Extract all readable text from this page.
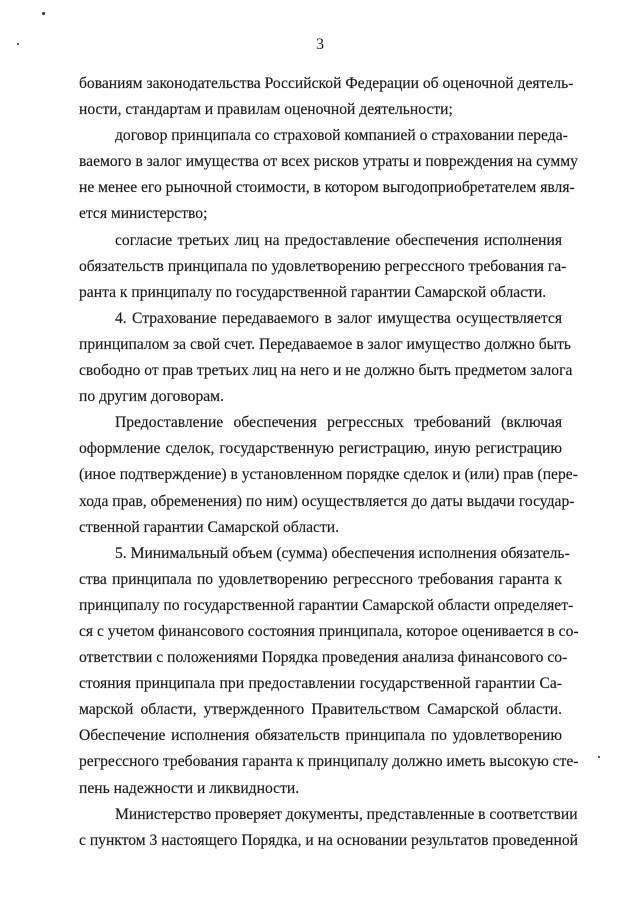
3
бованиям законодательства Российской Федерации об оценочной деятель-
ности, стандартам и правилам оценочной деятельности;
договор принципала со страховой компанией о страховании переда-
ваемого в залог имущества от всех рисков утраты и повреждения на сумму
не менее его рыночной стоимости, в котором выгодоприобретателем явля-
ется министерство;
согласие третьих лиц на предоставление обеспечения исполнения
обязательств принципала по удовлетворению регрессного требования га-
ранта к принципалу по государственной гарантии Самарской области.
4. Страхование передаваемого в залог имущества осуществляется
принципалом за свой счет. Передаваемое в залог имущество должно быть
свободно от прав третьих лиц на него и не должно быть предметом залога
по другим договорам.
Предоставление обеспечения регрессных требований (включая
оформление сделок, государственную регистрацию, иную регистрацию
(иное подтверждение) в установленном порядке сделок и (или) прав (пере-
хода прав, обременения) по ним) осуществляется до даты выдачи государ-
ственной гарантии Самарской области.
5. Минимальный объем (сумма) обеспечения исполнения обязатель-
ства принципала по удовлетворению регрессного требования гаранта к
принципалу по государственной гарантии Самарской области определяет-
ся с учетом финансового состояния принципала, которое оценивается в со-
ответствии с положениями Порядка проведения анализа финансового со-
стояния принципала при предоставлении государственной гарантии Са-
марской области, утвержденного Правительством Самарской области.
Обеспечение исполнения обязательств принципала по удовлетворению
регрессного требования гаранта к принципалу должно иметь высокую сте-
пень надежности и ликвидности.
Министерство проверяет документы, представленные в соответствии
с пунктом 3 настоящего Порядка, и на основании результатов проведенной
